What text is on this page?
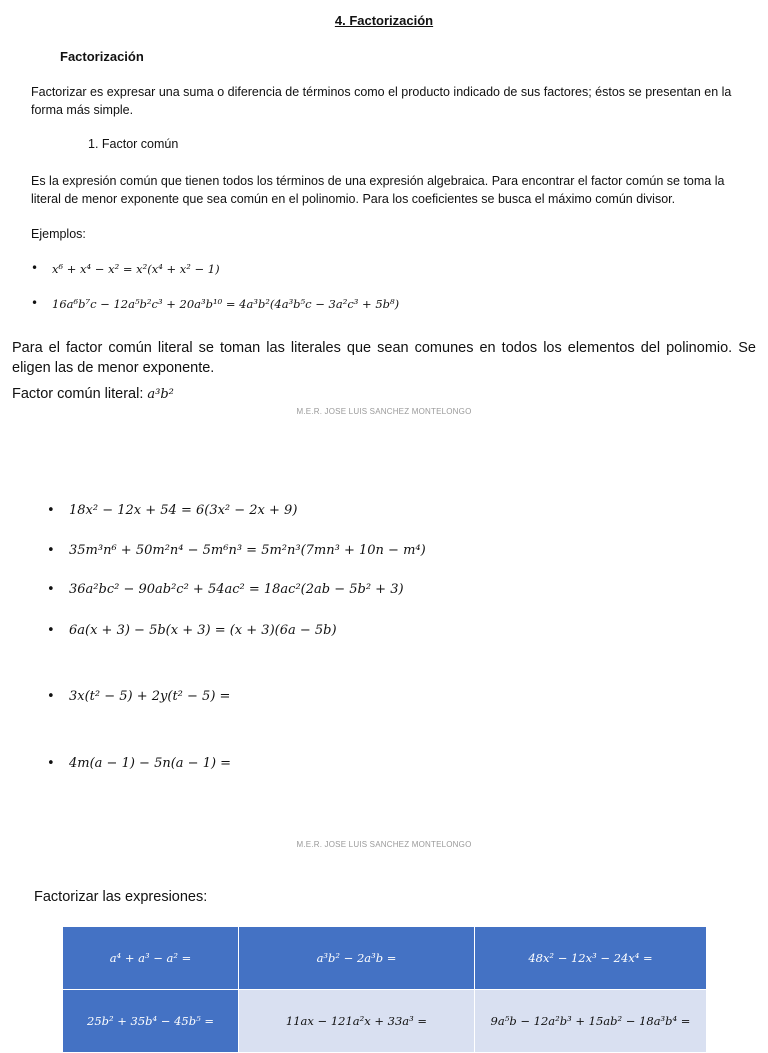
4. Factorización
Factorización
Factorizar es expresar una suma o diferencia de términos como el producto indicado de sus factores; éstos se presentan en la forma más simple.
1. Factor común
Es la expresión común que tienen todos los términos de una expresión algebraica. Para encontrar el factor común se toma la literal de menor exponente que sea común en el polinomio. Para los coeficientes se busca el máximo común divisor.
Ejemplos:
• x⁶ + x⁴ − x² = x²(x⁴ + x² − 1)
• 16a⁶b⁷c − 12a⁵b²c³ + 20a³b¹⁰ = 4a³b²(4a³b⁵c − 3a²c³ + 5b⁸)
Para el factor común literal se toman las literales que sean comunes en todos los elementos del polinomio. Se eligen las de menor exponente.
Factor común literal: a³b²
M.E.R. JOSE LUIS SANCHEZ MONTELONGO
• 18x² − 12x + 54 = 6(3x² − 2x + 9)
• 35m³n⁶ + 50m²n⁴ − 5m⁶n³ = 5m²n³(7mn³ + 10n − m⁴)
• 36a²bc² − 90ab²c² + 54ac² = 18ac²(2ab − 5b² + 3)
• 6a(x + 3) − 5b(x + 3) = (x + 3)(6a − 5b)
• 3x(t² − 5) + 2y(t² − 5) =
• 4m(a − 1) − 5n(a − 1) =
M.E.R. JOSE LUIS SANCHEZ MONTELONGO
Factorizar las expresiones:
a⁴ + a³ − a² =	a³b² − 2a³b =	48x² − 12x³ − 24x⁴ =
25b² + 35b⁴ − 45b⁵ =	11ax − 121a²x + 33a³ =	9a⁵b − 12a²b³ + 15ab² − 18a³b⁴ =
